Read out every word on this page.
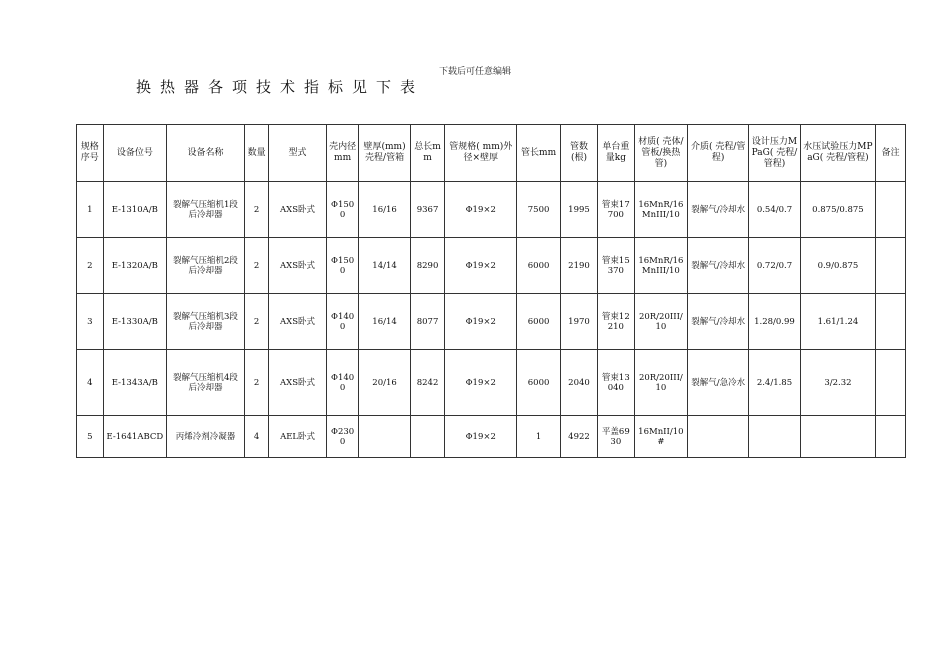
下载后可任意编辑
换热器各项技术指标见下表
规格序号	设备位号	设备名称	数量	型式	壳内径mm	壁厚(mm)壳程/管箱	总长mm	管规格( mm)外径×壁厚	管长mm	管数(根)	单台重量kg	材质( 壳体/管板/换热管)	介质( 壳程/管程)	设计压力MPaG( 壳程/管程)	水压试验压力MPaG( 壳程/管程)	备注
1	E-1310A/B	裂解气压缩机1段后冷却器	2	AXS卧式	Φ1500	16/16	9367	Φ19×2	7500	1995	管束17700	16MnR/16MnIII/10	裂解气/冷却水	0.54/0.7	0.875/0.875	
2	E-1320A/B	裂解气压缩机2段后冷却器	2	AXS卧式	Φ1500	14/14	8290	Φ19×2	6000	2190	管束15370	16MnR/16MnIII/10	裂解气/冷却水	0.72/0.7	0.9/0.875	
3	E-1330A/B	裂解气压缩机3段后冷却器	2	AXS卧式	Φ1400	16/14	8077	Φ19×2	6000	1970	管束12210	20R/20III/10	裂解气/冷却水	1.28/0.99	1.61/1.24	
4	E-1343A/B	裂解气压缩机4段后冷却器	2	AXS卧式	Φ1400	20/16	8242	Φ19×2	6000	2040	管束13040	20R/20III/10	裂解气/急冷水	2.4/1.85	3/2.32	
5	E-1641ABCD	丙烯冷剂冷凝器	4	AEL卧式	Φ2300			Φ19×2	1	4922	平盖6930	16MnII/10#				
